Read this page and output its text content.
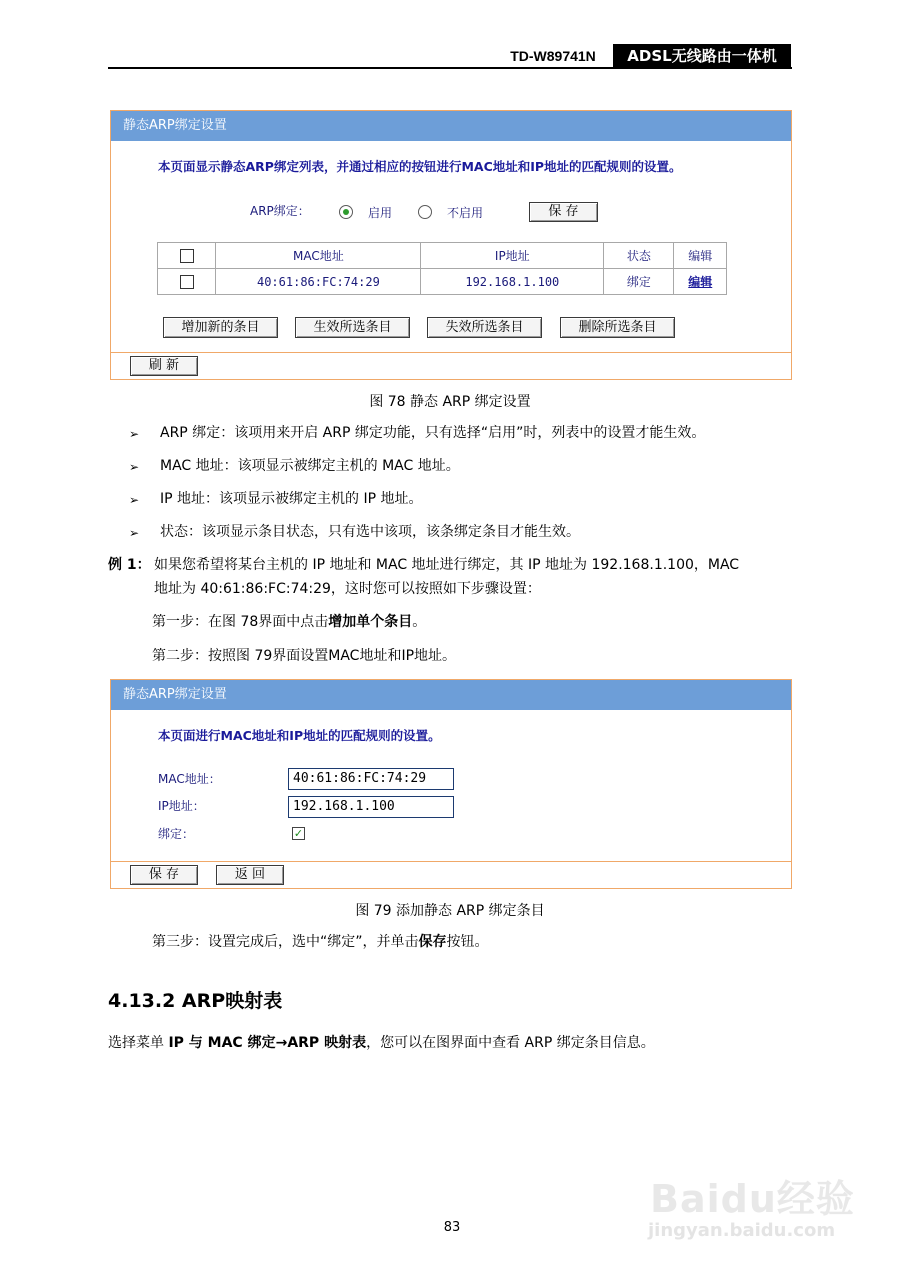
TD-W89741N	ADSL无线路由一体机
静态ARP绑定设置
本页面显示静态ARP绑定列表，并通过相应的按钮进行MAC地址和IP地址的匹配规则的设置。
ARP绑定：	启用	不启用	保 存
	MAC地址	IP地址	状态	编辑
	40:61:86:FC:74:29	192.168.1.100	绑定	编辑
增加新的条目	生效所选条目	失效所选条目	删除所选条目
刷 新
图 78 静态 ARP 绑定设置
➢ ARP 绑定：该项用来开启 ARP 绑定功能，只有选择“启用”时，列表中的设置才能生效。
➢ MAC 地址：该项显示被绑定主机的 MAC 地址。
➢ IP 地址：该项显示被绑定主机的 IP 地址。
➢ 状态：该项显示条目状态，只有选中该项，该条绑定条目才能生效。
例 1： 如果您希望将某台主机的 IP 地址和 MAC 地址进行绑定，其 IP 地址为 192.168.1.100，MAC
地址为 40:61:86:FC:74:29，这时您可以按照如下步骤设置：
第一步：在图 78界面中点击增加单个条目。
第二步：按照图 79界面设置MAC地址和IP地址。
静态ARP绑定设置
本页面进行MAC地址和IP地址的匹配规则的设置。
MAC地址：	40:61:86:FC:74:29
IP地址：	192.168.1.100
绑定：	✓
保 存	返 回
图 79 添加静态 ARP 绑定条目
第三步：设置完成后，选中“绑定”，并单击保存按钮。
4.13.2 ARP映射表
选择菜单 IP 与 MAC 绑定→ARP 映射表，您可以在图界面中查看 ARP 绑定条目信息。
Baidu经验
jingyan.baidu.com
83
